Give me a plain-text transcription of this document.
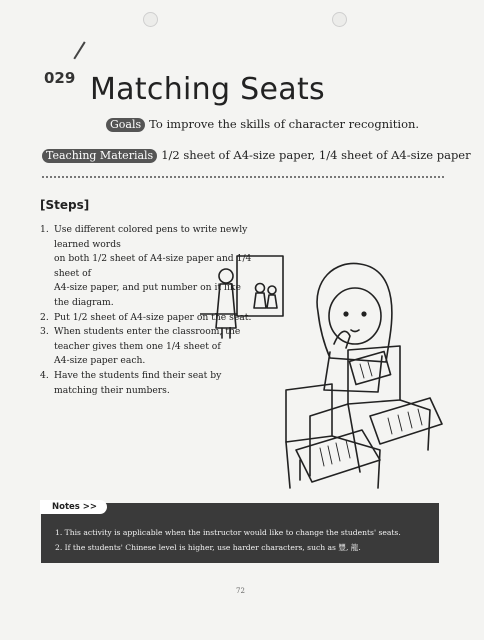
029 Matching Seats
Goals To improve the skills of character recognition.
Teaching Materials 1/2 sheet of A4-size paper, 1/4 sheet of A4-size paper
[Steps]
1. Use different colored pens to write newly learned words
on both 1/2 sheet of A4-size paper and 1/4 sheet of
A4-size paper, and put number on it like
the diagram.
2. Put 1/2 sheet of A4-size paper on the seat.
3. When students enter the classroom, the
teacher gives them one 1/4 sheet of
A4-size paper each.
4. Have the students find their seat by
matching their numbers.
Notes >>
1. This activity is applicable when the instructor would like to change the students' seats.
2. If the students' Chinese level is higher, use harder characters, such as 豐, 龍.
72
